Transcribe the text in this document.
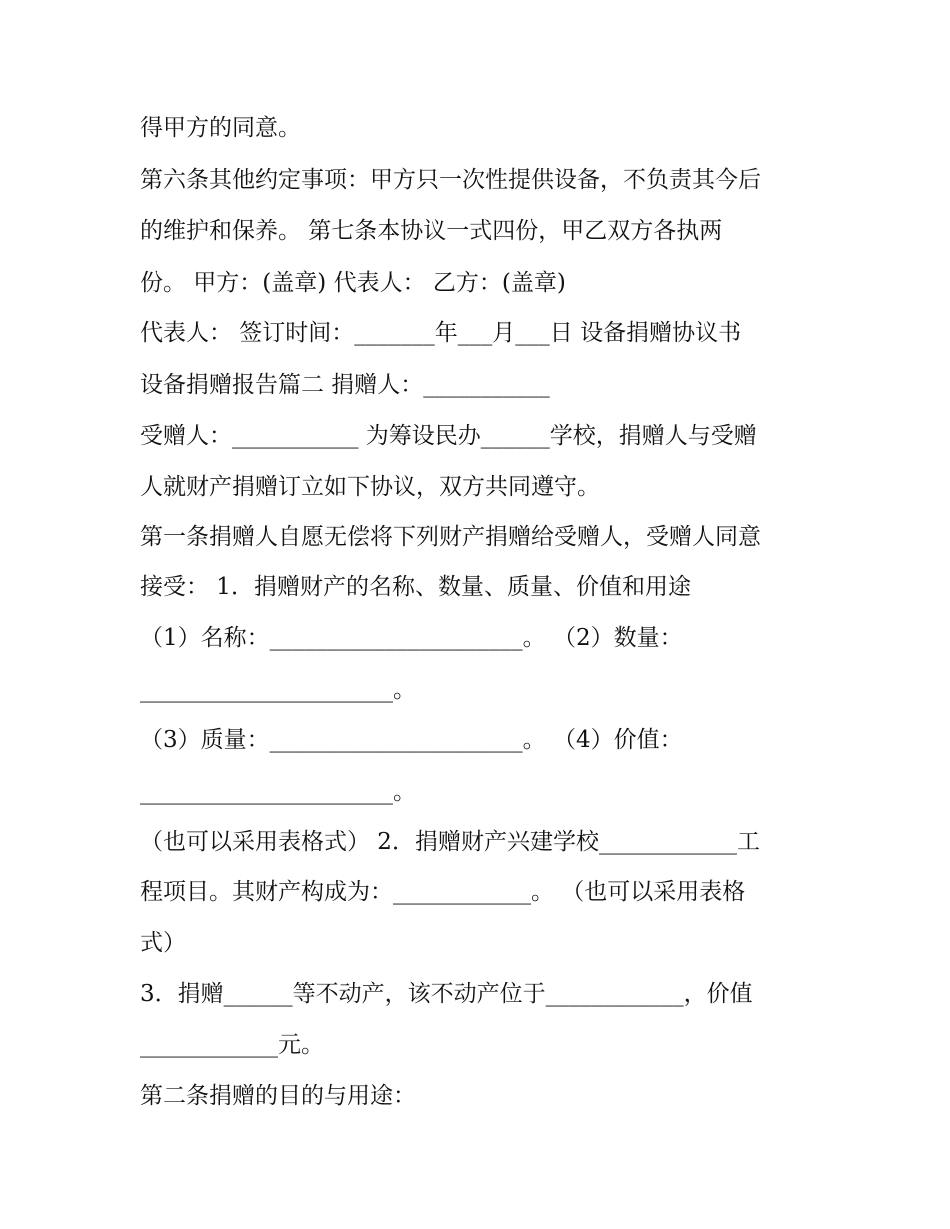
得甲方的同意。
第六条其他约定事项：甲方只一次性提供设备，不负责其今后
的维护和保养。 第七条本协议一式四份，甲乙双方各执两
份。 甲方：(盖章) 代表人： 乙方：(盖章)
代表人： 签订时间：_______年___月___日 设备捐赠协议书
设备捐赠报告篇二 捐赠人：___________
受赠人：___________ 为筹设民办______学校，捐赠人与受赠
人就财产捐赠订立如下协议，双方共同遵守。
第一条捐赠人自愿无偿将下列财产捐赠给受赠人，受赠人同意
接受： 1．捐赠财产的名称、数量、质量、价值和用途
（1）名称：______________________。 （2）数量：
______________________。
（3）质量：______________________。 （4）价值：
______________________。
（也可以采用表格式） 2．捐赠财产兴建学校____________工
程项目。其财产构成为：____________。 （也可以采用表格
式）
3．捐赠______等不动产，该不动产位于____________，价值
____________元。
第二条捐赠的目的与用途：
